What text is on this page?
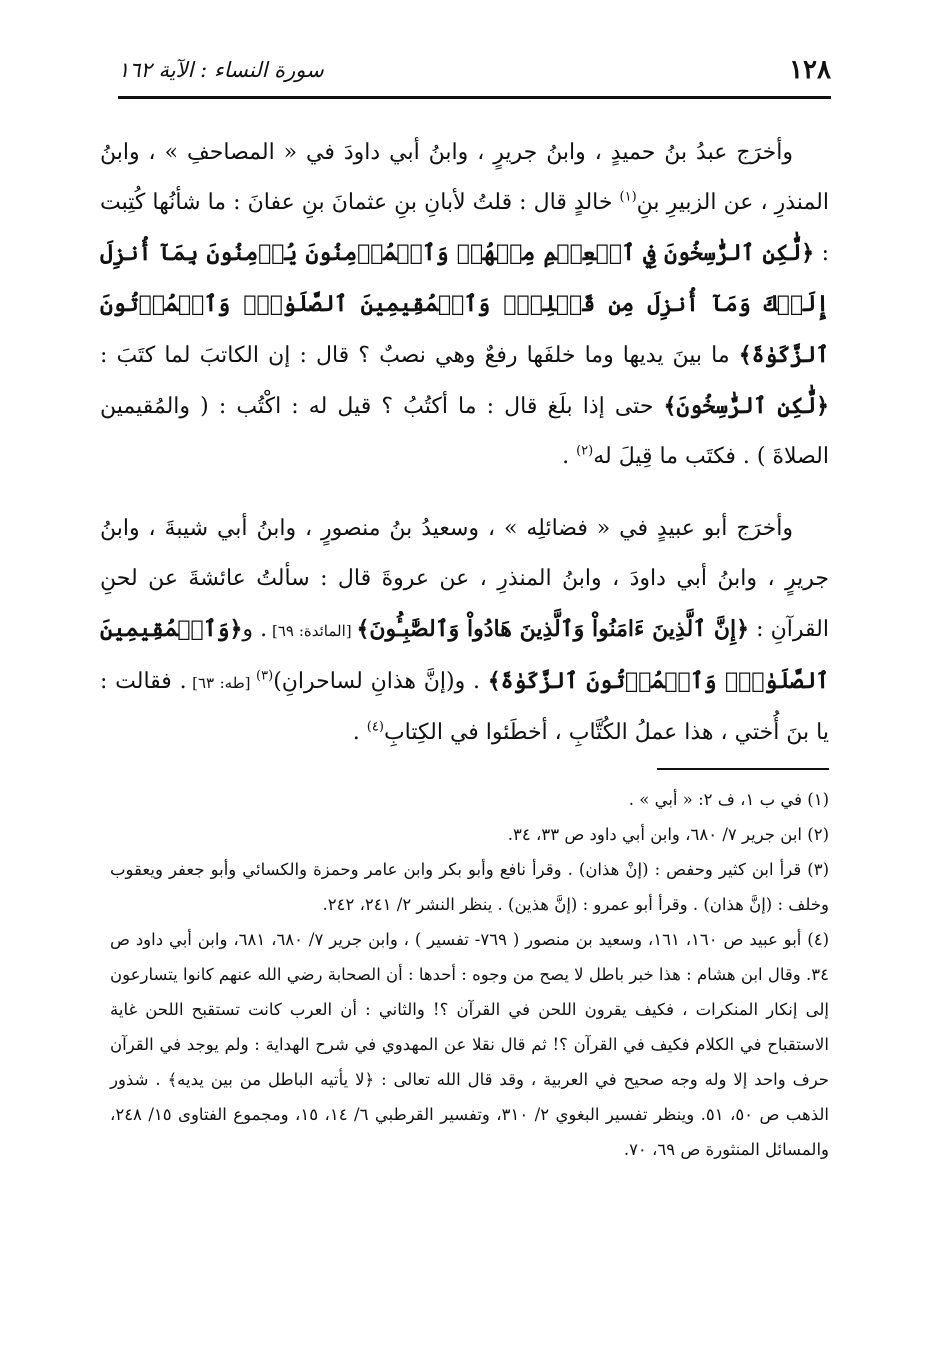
١٢٨
سورة النساء : الآية ١٦٢

وأخرَج عبدُ بنُ حميدٍ ، وابنُ جريرٍ ، وابنُ أبي داودَ في « المصاحفِ » ، وابنُ المنذرِ ، عن الزبيرِ بنِ$^{(١)}$ خالدٍ قال : قلتُ لأبانِ بنِ عثمانَ بنِ عفانَ : ما شأنُها كُتِبت : ﴿لَّٰكِنِ ٱلرَّٰسِخُونَ فِي ٱلۡعِلۡمِ مِنۡهُمۡ وَٱلۡمُؤۡمِنُونَ يُؤۡمِنُونَ بِمَآ أُنزِلَ إِلَيۡكَ وَمَآ أُنزِلَ مِن قَبۡلِكَۚ وَٱلۡمُقِيمِينَ ٱلصَّلَوٰةَۚ وَٱلۡمُؤۡتُونَ ٱلزَّكَوٰةَ﴾ ما بينَ يديها وما خلفَها رفعٌ وهي نصبٌ ؟ قال : إن الكاتبَ لما كتَبَ : ﴿لَّٰكِنِ ٱلرَّٰسِخُونَ﴾ حتى إذا بلَغ قال : ما أكتُبُ ؟ قيل له : اكْتُب : ( والمُقيمين الصلاةَ ) . فكتَب ما قِيلَ له$^{(٢)}$ .

وأخرَج أبو عبيدٍ في « فضائلِه » ، وسعيدُ بنُ منصورٍ ، وابنُ أبي شيبةَ ، وابنُ جريرٍ ، وابنُ أبي داودَ ، وابنُ المنذرِ ، عن عروةَ قال : سألتُ عائشةَ عن لحنِ القرآنِ : ﴿إِنَّ ٱلَّذِينَ ءَامَنُواْ وَٱلَّذِينَ هَادُواْ وَٱلصَّٰبِـُٔونَ﴾ [المائدة: ٦٩] . و﴿وَٱلۡمُقِيمِينَ ٱلصَّلَوٰةَۚ وَٱلۡمُؤۡتُونَ ٱلزَّكَوٰةَ﴾ . و(إنَّ هذانِ لساحرانِ)$^{(٣)}$ [طه: ٦٣] . فقالت : يا بنَ أُختي ، هذا عملُ الكُتَّابِ ، أخطَئوا في الكِتابِ$^{(٤)}$ .

(١) في ب ١، ف ٢: « أبي » .

(٢) ابن جرير ٧/ ٦٨٠، وابن أبي داود ص ٣٣، ٣٤.

(٣) قرأ ابن كثير وحفص : (إنْ هذان) . وقرأ نافع وأبو بكر وابن عامر وحمزة والكسائي وأبو جعفر ويعقوب وخلف : (إنَّ هذان) . وقرأ أبو عمرو : (إنَّ هذين) . ينظر النشر ٢/ ٢٤١، ٢٤٢.

(٤) أبو عبيد ص ١٦٠، ١٦١، وسعيد بن منصور ( ٧٦٩- تفسير ) ، وابن جرير ٧/ ٦٨٠، ٦٨١، وابن أبي داود ص ٣٤. وقال ابن هشام : هذا خبر باطل لا يصح من وجوه : أحدها : أن الصحابة رضي الله عنهم كانوا يتسارعون إلى إنكار المنكرات ، فكيف يقرون اللحن في القرآن ؟! والثاني : أن العرب كانت تستقبح اللحن غاية الاستقباح في الكلام فكيف في القرآن ؟! ثم قال نقلا عن المهدوي في شرح الهداية : ولم يوجد في القرآن حرف واحد إلا وله وجه صحيح في العربية ، وقد قال الله تعالى : ﴿لا يأتيه الباطل من بين يديه﴾ . شذور الذهب ص ٥٠، ٥١. وينظر تفسير البغوي ٢/ ٣١٠، وتفسير القرطبي ٦/ ١٤، ١٥، ومجموع الفتاوى ١٥/ ٢٤٨، والمسائل المنثورة ص ٦٩، ٧٠.
